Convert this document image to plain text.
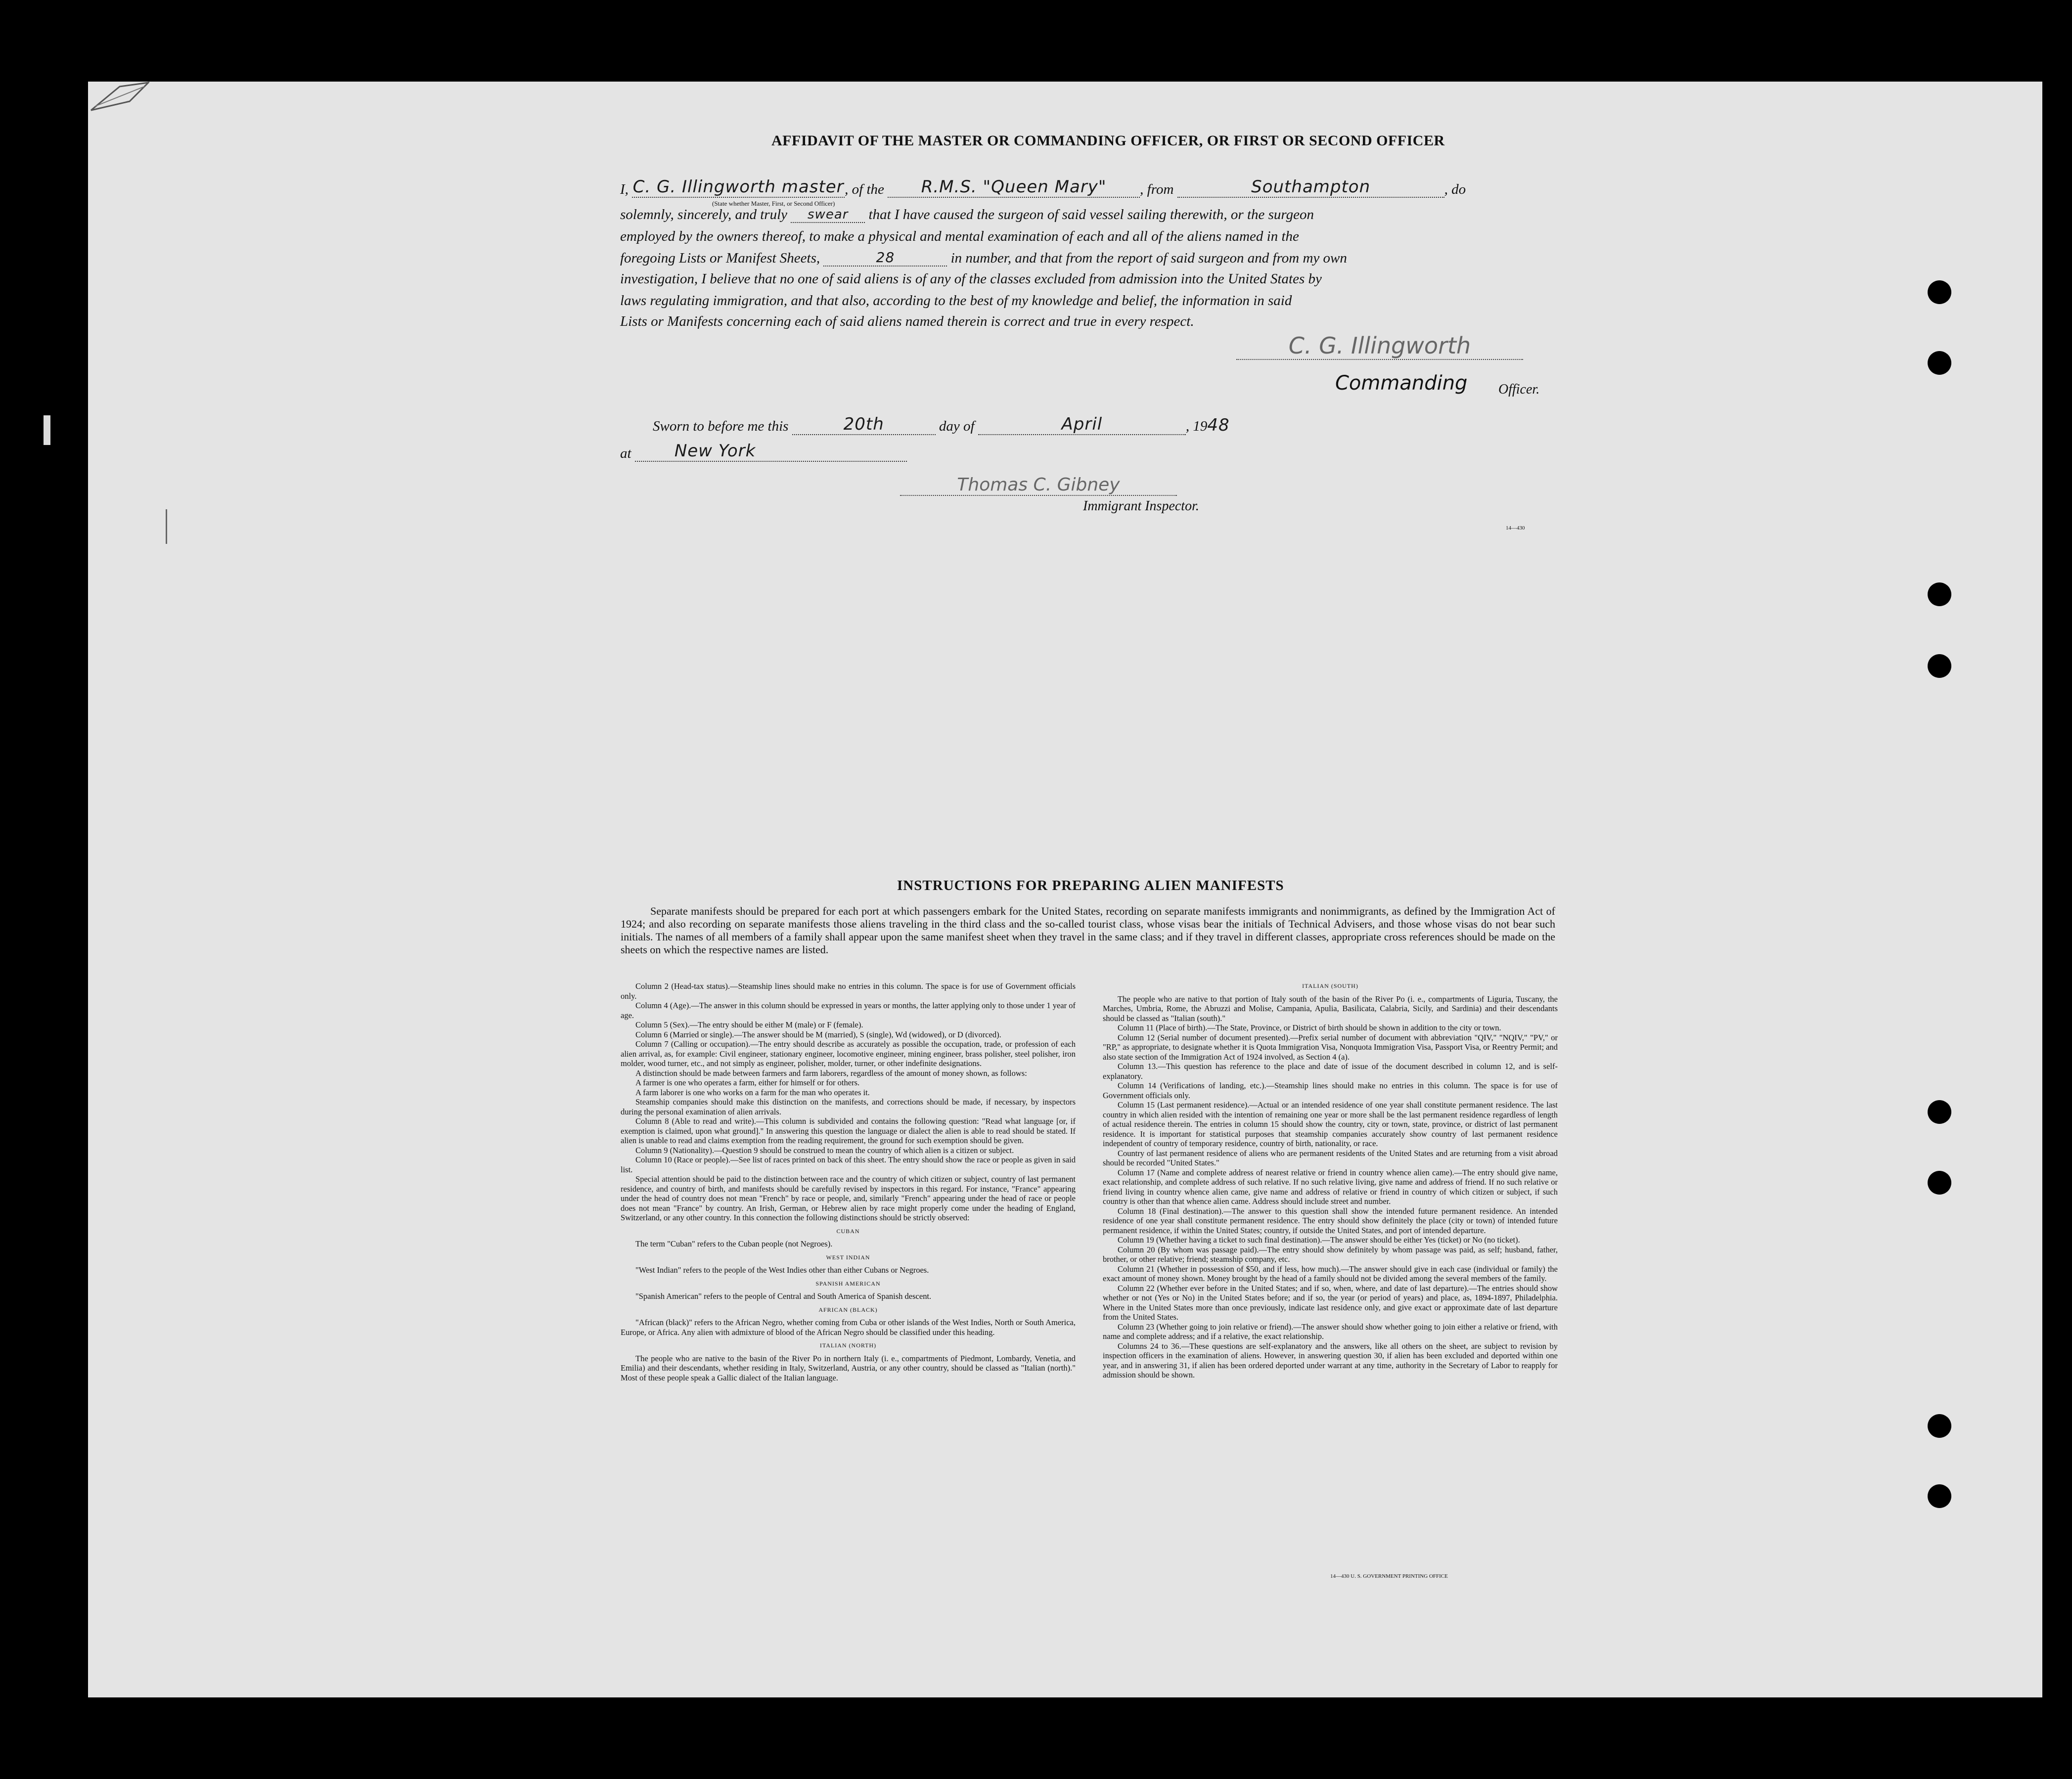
AFFIDAVIT OF THE MASTER OR COMMANDING OFFICER, OR FIRST OR SECOND OFFICER
I, C. G. Illingworth master, of the R.M.S. "Queen Mary" , from	Southampton	, do
(State whether Master, First, or Second Officer)
solemnly, sincerely, and truly swear that I have caused the surgeon of said vessel sailing therewith, or the surgeon
employed by the owners thereof, to make a physical and mental examination of each and all of the aliens named in the
foregoing Lists or Manifest Sheets,	28	in number, and that from the report of said surgeon and from my own
investigation, I believe that no one of said aliens is of any of the classes excluded from admission into the United States by
laws regulating immigration, and that also, according to the best of my knowledge and belief, the information in said
Lists or Manifests concerning each of said aliens named therein is correct and true in every respect.
C. G. Illingworth
Commanding	Officer.
Sworn to before me this	20th	day of	April	, 1948
at	New York
Thomas C. Gibney
Immigrant Inspector.
14—430
INSTRUCTIONS FOR PREPARING ALIEN MANIFESTS

Separate manifests should be prepared for each port at which passengers embark for the United States, recording on separate manifests immigrants and nonimmigrants, as defined by the Immigration Act of 1924; and also recording on separate manifests those aliens traveling in the third class and the so-called tourist class, whose visas bear the initials of Technical Advisers, and those whose visas do not bear such initials. The names of all members of a family shall appear upon the same manifest sheet when they travel in the same class; and if they travel in different classes, appropriate cross references should be made on the sheets on which the respective names are listed.

Column 2 (Head-tax status).—Steamship lines should make no entries in this column. The space is for use of Government officials only.

Column 4 (Age).—The answer in this column should be expressed in years or months, the latter applying only to those under 1 year of age.

Column 5 (Sex).—The entry should be either M (male) or F (female).

Column 6 (Married or single).—The answer should be M (married), S (single), Wd (widowed), or D (divorced).

Column 7 (Calling or occupation).—The entry should describe as accurately as possible the occupation, trade, or profession of each alien arrival, as, for example: Civil engineer, stationary engineer, locomotive engineer, mining engineer, brass polisher, steel polisher, iron molder, wood turner, etc., and not simply as engineer, polisher, molder, turner, or other indefinite designations.

A distinction should be made between farmers and farm laborers, regardless of the amount of money shown, as follows:

A farmer is one who operates a farm, either for himself or for others.

A farm laborer is one who works on a farm for the man who operates it.

Steamship companies should make this distinction on the manifests, and corrections should be made, if necessary, by inspectors during the personal examination of alien arrivals.

Column 8 (Able to read and write).—This column is subdivided and contains the following question: "Read what language [or, if exemption is claimed, upon what ground]." In answering this question the language or dialect the alien is able to read should be stated. If alien is unable to read and claims exemption from the reading requirement, the ground for such exemption should be given.

Column 9 (Nationality).—Question 9 should be construed to mean the country of which alien is a citizen or subject.

Column 10 (Race or people).—See list of races printed on back of this sheet. The entry should show the race or people as given in said list.

Special attention should be paid to the distinction between race and the country of which citizen or subject, country of last permanent residence, and country of birth, and manifests should be carefully revised by inspectors in this regard. For instance, "France" appearing under the head of country does not mean "French" by race or people, and, similarly "French" appearing under the head of race or people does not mean "France" by country. An Irish, German, or Hebrew alien by race might properly come under the heading of England, Switzerland, or any other country. In this connection the following distinctions should be strictly observed:

CUBAN

The term "Cuban" refers to the Cuban people (not Negroes).

WEST INDIAN

"West Indian" refers to the people of the West Indies other than either Cubans or Negroes.

SPANISH AMERICAN

"Spanish American" refers to the people of Central and South America of Spanish descent.

AFRICAN (BLACK)

"African (black)" refers to the African Negro, whether coming from Cuba or other islands of the West Indies, North or South America, Europe, or Africa. Any alien with admixture of blood of the African Negro should be classified under this heading.

ITALIAN (NORTH)

The people who are native to the basin of the River Po in northern Italy (i. e., compartments of Piedmont, Lombardy, Venetia, and Emilia) and their descendants, whether residing in Italy, Switzerland, Austria, or any other country, should be classed as "Italian (north)." Most of these people speak a Gallic dialect of the Italian language.

ITALIAN (SOUTH)

The people who are native to that portion of Italy south of the basin of the River Po (i. e., compartments of Liguria, Tuscany, the Marches, Umbria, Rome, the Abruzzi and Molise, Campania, Apulia, Basilicata, Calabria, Sicily, and Sardinia) and their descendants should be classed as "Italian (south)."

Column 11 (Place of birth).—The State, Province, or District of birth should be shown in addition to the city or town.

Column 12 (Serial number of document presented).—Prefix serial number of document with abbreviation "QIV," "NQIV," "PV," or "RP," as appropriate, to designate whether it is Quota Immigration Visa, Nonquota Immigration Visa, Passport Visa, or Reentry Permit; and also state section of the Immigration Act of 1924 involved, as Section 4 (a).

Column 13.—This question has reference to the place and date of issue of the document described in column 12, and is self-explanatory.

Column 14 (Verifications of landing, etc.).—Steamship lines should make no entries in this column. The space is for use of Government officials only.

Column 15 (Last permanent residence).—Actual or an intended residence of one year shall constitute permanent residence. The last country in which alien resided with the intention of remaining one year or more shall be the last permanent residence regardless of length of actual residence therein. The entries in column 15 should show the country, city or town, state, province, or district of last permanent residence. It is important for statistical purposes that steamship companies accurately show country of last permanent residence independent of country of temporary residence, country of birth, nationality, or race.

Country of last permanent residence of aliens who are permanent residents of the United States and are returning from a visit abroad should be recorded "United States."

Column 17 (Name and complete address of nearest relative or friend in country whence alien came).—The entry should give name, exact relationship, and complete address of such relative. If no such relative living, give name and address of friend. If no such relative or friend living in country whence alien came, give name and address of relative or friend in country of which citizen or subject, if such country is other than that whence alien came. Address should include street and number.

Column 18 (Final destination).—The answer to this question shall show the intended future permanent residence. An intended residence of one year shall constitute permanent residence. The entry should show definitely the place (city or town) of intended future permanent residence, if within the United States; country, if outside the United States, and port of intended departure.

Column 19 (Whether having a ticket to such final destination).—The answer should be either Yes (ticket) or No (no ticket).

Column 20 (By whom was passage paid).—The entry should show definitely by whom passage was paid, as self; husband, father, brother, or other relative; friend; steamship company, etc.

Column 21 (Whether in possession of $50, and if less, how much).—The answer should give in each case (individual or family) the exact amount of money shown. Money brought by the head of a family should not be divided among the several members of the family.

Column 22 (Whether ever before in the United States; and if so, when, where, and date of last departure).—The entries should show whether or not (Yes or No) in the United States before; and if so, the year (or period of years) and place, as, 1894-1897, Philadelphia. Where in the United States more than once previously, indicate last residence only, and give exact or approximate date of last departure from the United States.

Column 23 (Whether going to join relative or friend).—The answer should show whether going to join either a relative or friend, with name and complete address; and if a relative, the exact relationship.

Columns 24 to 36.—These questions are self-explanatory and the answers, like all others on the sheet, are subject to revision by inspection officers in the examination of aliens. However, in answering question 30, if alien has been excluded and deported within one year, and in answering 31, if alien has been ordered deported under warrant at any time, authority in the Secretary of Labor to reapply for admission should be shown.

14—430 U. S. GOVERNMENT PRINTING OFFICE
